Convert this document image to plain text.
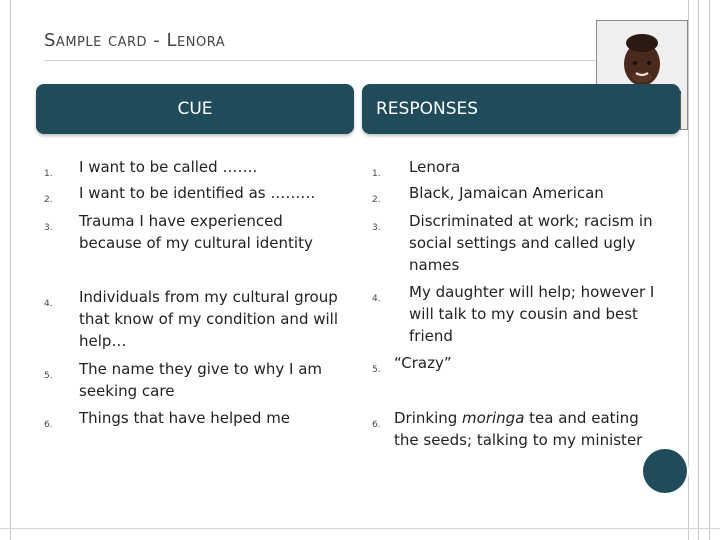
Sample card - Lenora
CUE	RESPONSES
1. I want to be called …….
2. I want to be identified as ………
3. Trauma I have experienced because of my cultural identity
4. Individuals from my cultural group that know of my condition and will help…
5. The name they give to why I am seeking care
6. Things that have helped me
1. Lenora
2. Black, Jamaican American
3. Discriminated at work; racism in social settings and called ugly names
4. My daughter will help; however I will talk to my cousin and best friend
5. “Crazy”
6. Drinking moringa tea and eating the seeds; talking to my minister
